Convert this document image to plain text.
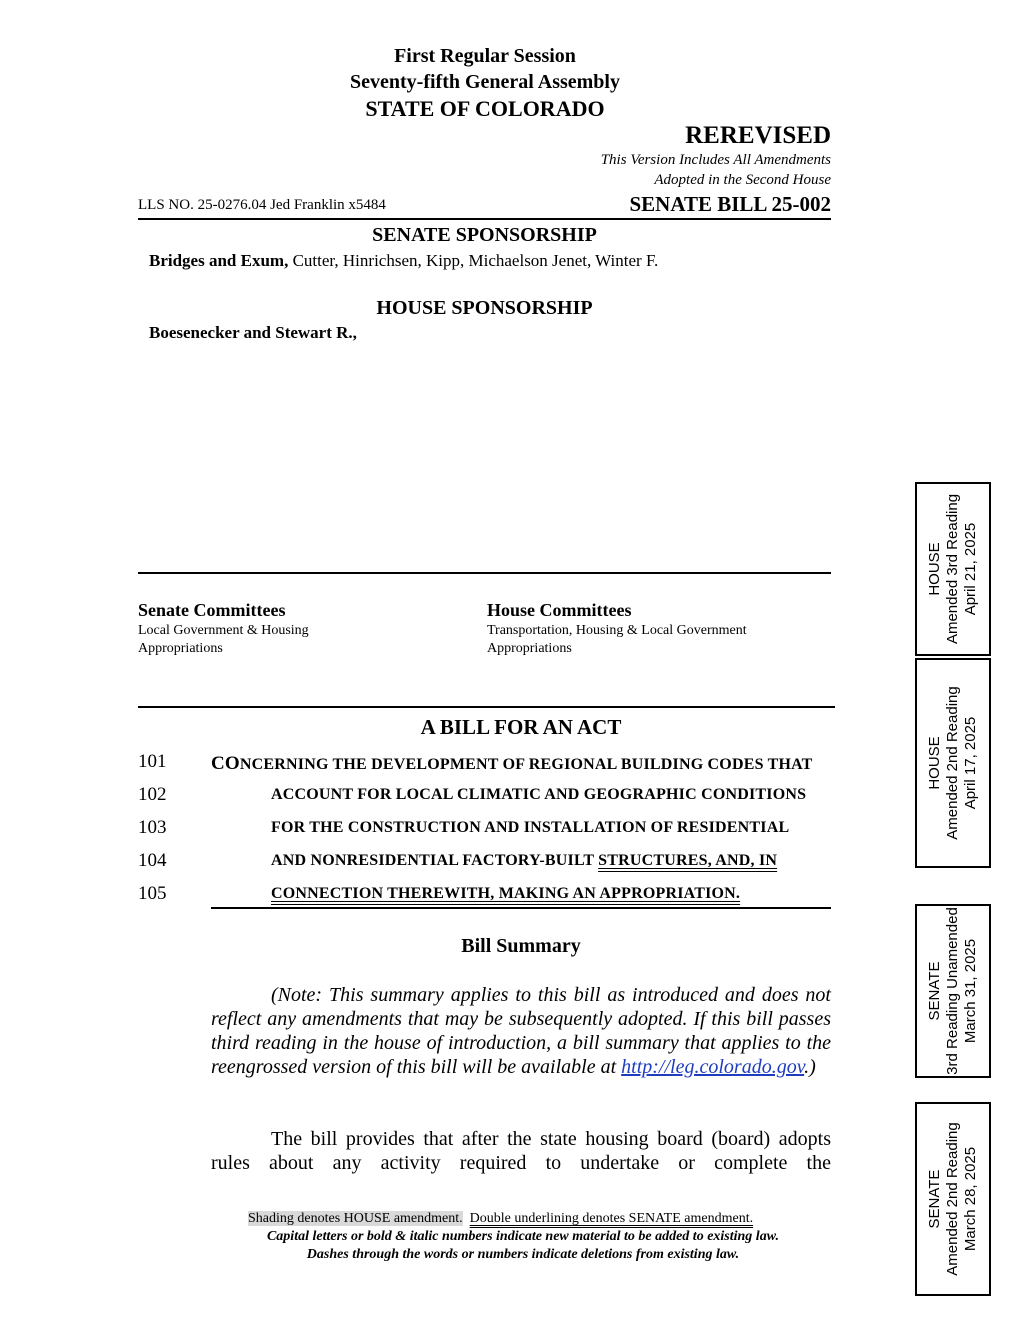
First Regular Session
Seventy-fifth General Assembly
STATE OF COLORADO
REREVISED
This Version Includes All Amendments
Adopted in the Second House
LLS NO. 25-0276.04 Jed Franklin x5484	SENATE BILL 25-002
SENATE SPONSORSHIP
Bridges and Exum, Cutter, Hinrichsen, Kipp, Michaelson Jenet, Winter F.
HOUSE SPONSORSHIP
Boesenecker and Stewart R.,
Senate Committees
Local Government & Housing
Appropriations
House Committees
Transportation, Housing & Local Government
Appropriations
A BILL FOR AN ACT
101 CONCERNING THE DEVELOPMENT OF REGIONAL BUILDING CODES THAT
102	ACCOUNT FOR LOCAL CLIMATIC AND GEOGRAPHIC CONDITIONS
103	FOR THE CONSTRUCTION AND INSTALLATION OF RESIDENTIAL
104	AND NONRESIDENTIAL FACTORY-BUILT STRUCTURES, AND, IN
105	CONNECTION THEREWITH, MAKING AN APPROPRIATION.
Bill Summary
(Note: This summary applies to this bill as introduced and does not reflect any amendments that may be subsequently adopted. If this bill passes third reading in the house of introduction, a bill summary that applies to the reengrossed version of this bill will be available at http://leg.colorado.gov.)
The bill provides that after the state housing board (board) adopts rules about any activity required to undertake or complete the
Shading denotes HOUSE amendment. Double underlining denotes SENATE amendment.
Capital letters or bold & italic numbers indicate new material to be added to existing law.
Dashes through the words or numbers indicate deletions from existing law.
HOUSE Amended 3rd Reading April 21, 2025
HOUSE Amended 2nd Reading April 17, 2025
SENATE 3rd Reading Unamended March 31, 2025
SENATE Amended 2nd Reading March 28, 2025
